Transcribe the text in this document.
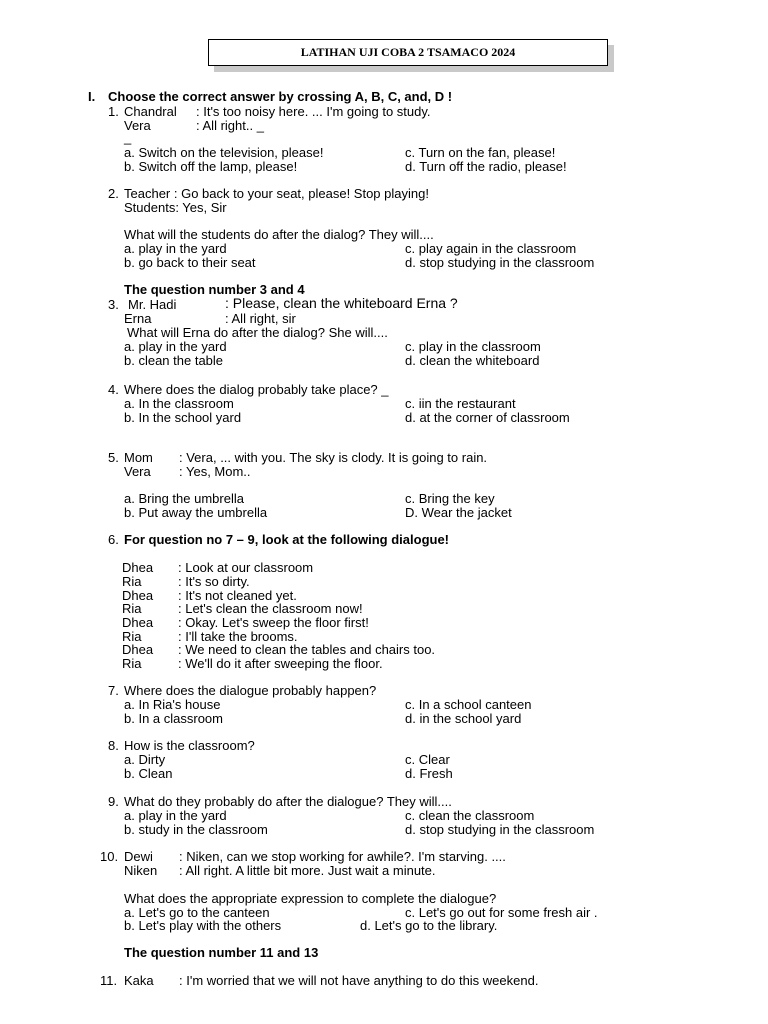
LATIHAN UJI COBA 2 TSAMACO 2024
I. Choose the correct answer by crossing A, B, C, and, D !
1. Chandral : It's too noisy here. ... I'm going to study.
Vera	: All right.. _
_
a. Switch on the television, please!	c. Turn on the fan, please!
b. Switch off the lamp, please!	d. Turn off the radio, please!
2. Teacher : Go back to your seat, please! Stop playing!
Students: Yes, Sir
What will the students do after the dialog? They will....
a. play in the yard	c. play again in the classroom
b. go back to their seat	d. stop studying in the classroom
The question number 3 and 4
3. Mr. Hadi	: Please, clean the whiteboard Erna ?
Erna	: All right, sir
What will Erna do after the dialog? She will....
a. play in the yard	c. play in the classroom
b. clean the table	d. clean the whiteboard
4. Where does the dialog probably take place? _
a. In the classroom	c. iin the restaurant
b. In the school yard	d. at the corner of classroom
5. Mom : Vera, ... with you. The sky is clody. It is going to rain.
Vera : Yes, Mom..
a. Bring the umbrella	c. Bring the key
b. Put away the umbrella	D. Wear the jacket
6. For question no 7 – 9, look at the following dialogue!
Dhea : Look at our classroom
Ria	: It's so dirty.
Dhea : It's not cleaned yet.
Ria	: Let's clean the classroom now!
Dhea : Okay. Let's sweep the floor first!
Ria	: I'll take the brooms.
Dhea : We need to clean the tables and chairs too.
Ria	: We'll do it after sweeping the floor.
7. Where does the dialogue probably happen?
a. In Ria's house	c. In a school canteen
b. In a classroom	d. in the school yard
8. How is the classroom?
a. Dirty	c. Clear
b. Clean	d. Fresh
9. What do they probably do after the dialogue? They will....
a. play in the yard	c. clean the classroom
b. study in the classroom	d. stop studying in the classroom
10. Dewi : Niken, can we stop working for awhile?. I'm starving. ....
Niken : All right. A little bit more. Just wait a minute.
What does the appropriate expression to complete the dialogue?
a. Let's go to the canteen	c. Let's go out for some fresh air .
b. Let's play with the others	d. Let's go to the library.
The question number 11 and 13
11. Kaka : I'm worried that we will not have anything to do this weekend.
